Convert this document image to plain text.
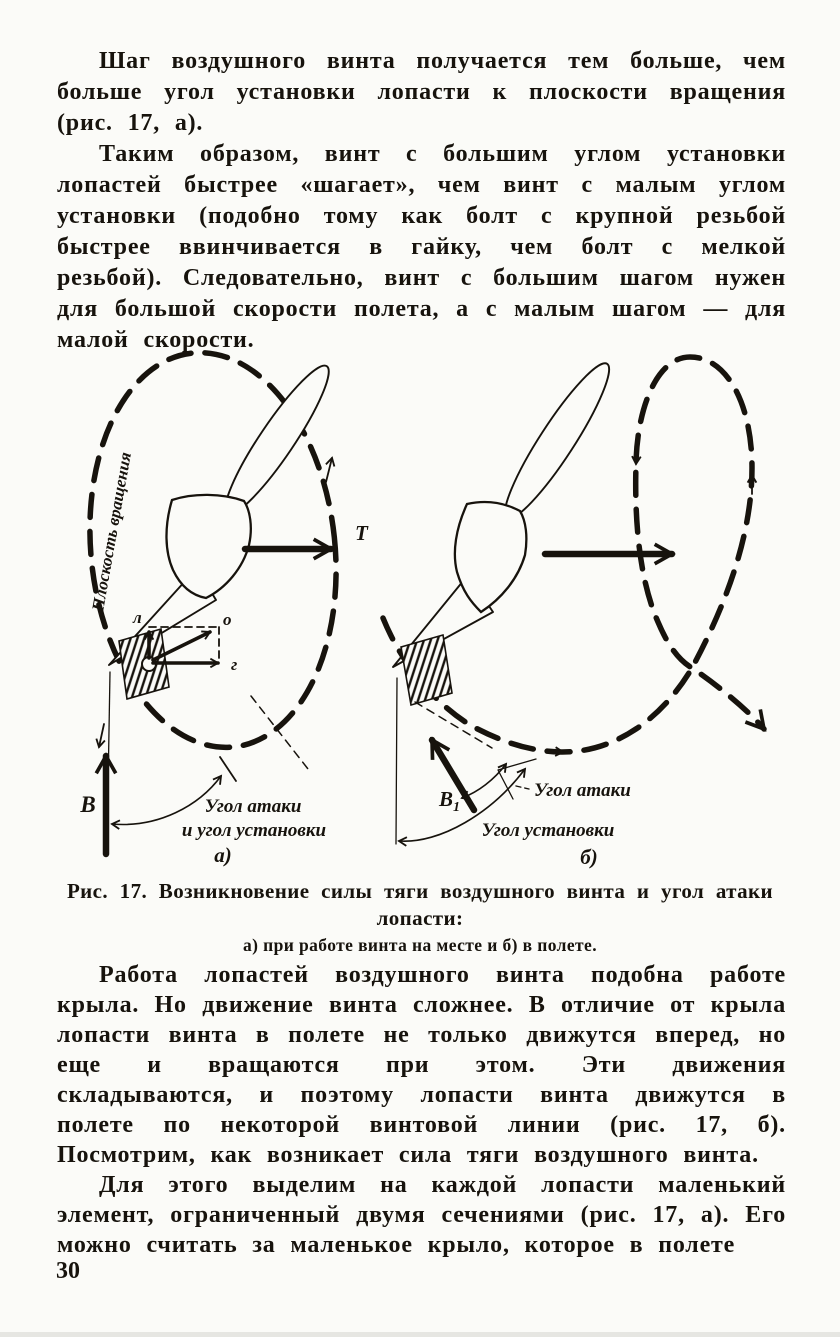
Шаг воздушного винта получается тем больше, чем больше угол установки лопасти к плоскости вращения (рис. 17, а).

Таким образом, винт с большим углом установки лопастей быстрее «шагает», чем винт с малым углом установки (подобно тому как болт с крупной резьбой быстрее ввинчивается в гайку, чем болт с мелкой резьбой). Следовательно, винт с большим шагом нужен для большой скорости полета, а с малым шагом — для малой скорости.

Плоскость вращения	Т
л	о
г
В	Угол атаки
и угол установки
а)
$В_1$
Угол атаки
Угол установки
б)
Рис. 17. Возникновение силы тяги воздушного винта и угол атаки
лопасти:
а) при работе винта на месте и б) в полете.

Работа лопастей воздушного винта подобна работе крыла. Но движение винта сложнее. В отличие от крыла лопасти винта в полете не только движутся вперед, но еще и вращаются при этом. Эти движения складываются, и поэтому лопасти винта движутся в полете по некоторой винтовой линии (рис. 17, б). Посмотрим, как возникает сила тяги воздушного винта.

Для этого выделим на каждой лопасти маленький элемент, ограниченный двумя сечениями (рис. 17, а). Его можно считать за маленькое крыло, которое в полете

30
